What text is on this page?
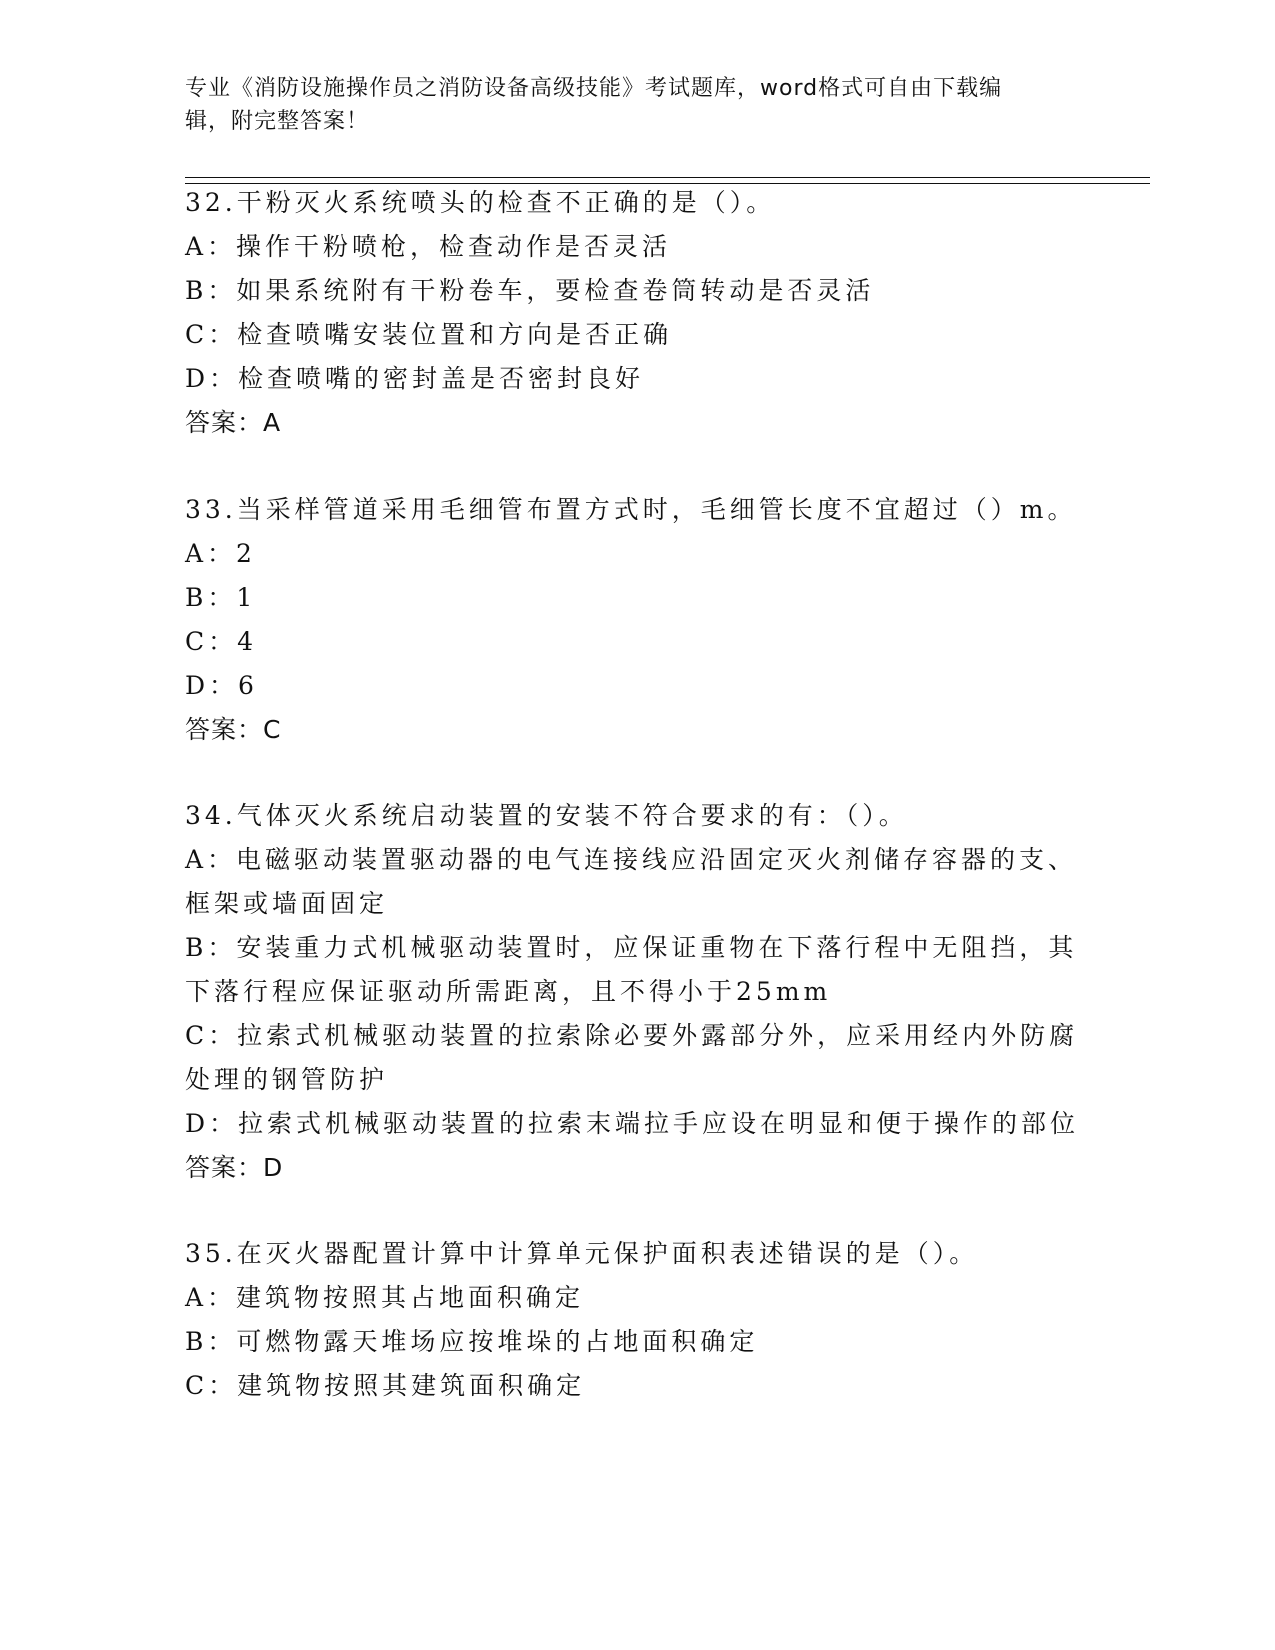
专业《消防设施操作员之消防设备高级技能》考试题库，word格式可自由下载编
辑，附完整答案！
32.干粉灭火系统喷头的检查不正确的是（）。
A：操作干粉喷枪，检查动作是否灵活
B：如果系统附有干粉卷车，要检查卷筒转动是否灵活
C：检查喷嘴安装位置和方向是否正确
D：检查喷嘴的密封盖是否密封良好
答案：A
33.当采样管道采用毛细管布置方式时，毛细管长度不宜超过（）m。
A：2
B：1
C：4
D：6
答案：C
34.气体灭火系统启动装置的安装不符合要求的有：（）。
A：电磁驱动装置驱动器的电气连接线应沿固定灭火剂储存容器的支、
框架或墙面固定
B：安装重力式机械驱动装置时，应保证重物在下落行程中无阻挡，其
下落行程应保证驱动所需距离，且不得小于25mm
C：拉索式机械驱动装置的拉索除必要外露部分外，应采用经内外防腐
处理的钢管防护
D：拉索式机械驱动装置的拉索末端拉手应设在明显和便于操作的部位
答案：D
35.在灭火器配置计算中计算单元保护面积表述错误的是（）。
A：建筑物按照其占地面积确定
B：可燃物露天堆场应按堆垛的占地面积确定
C：建筑物按照其建筑面积确定
